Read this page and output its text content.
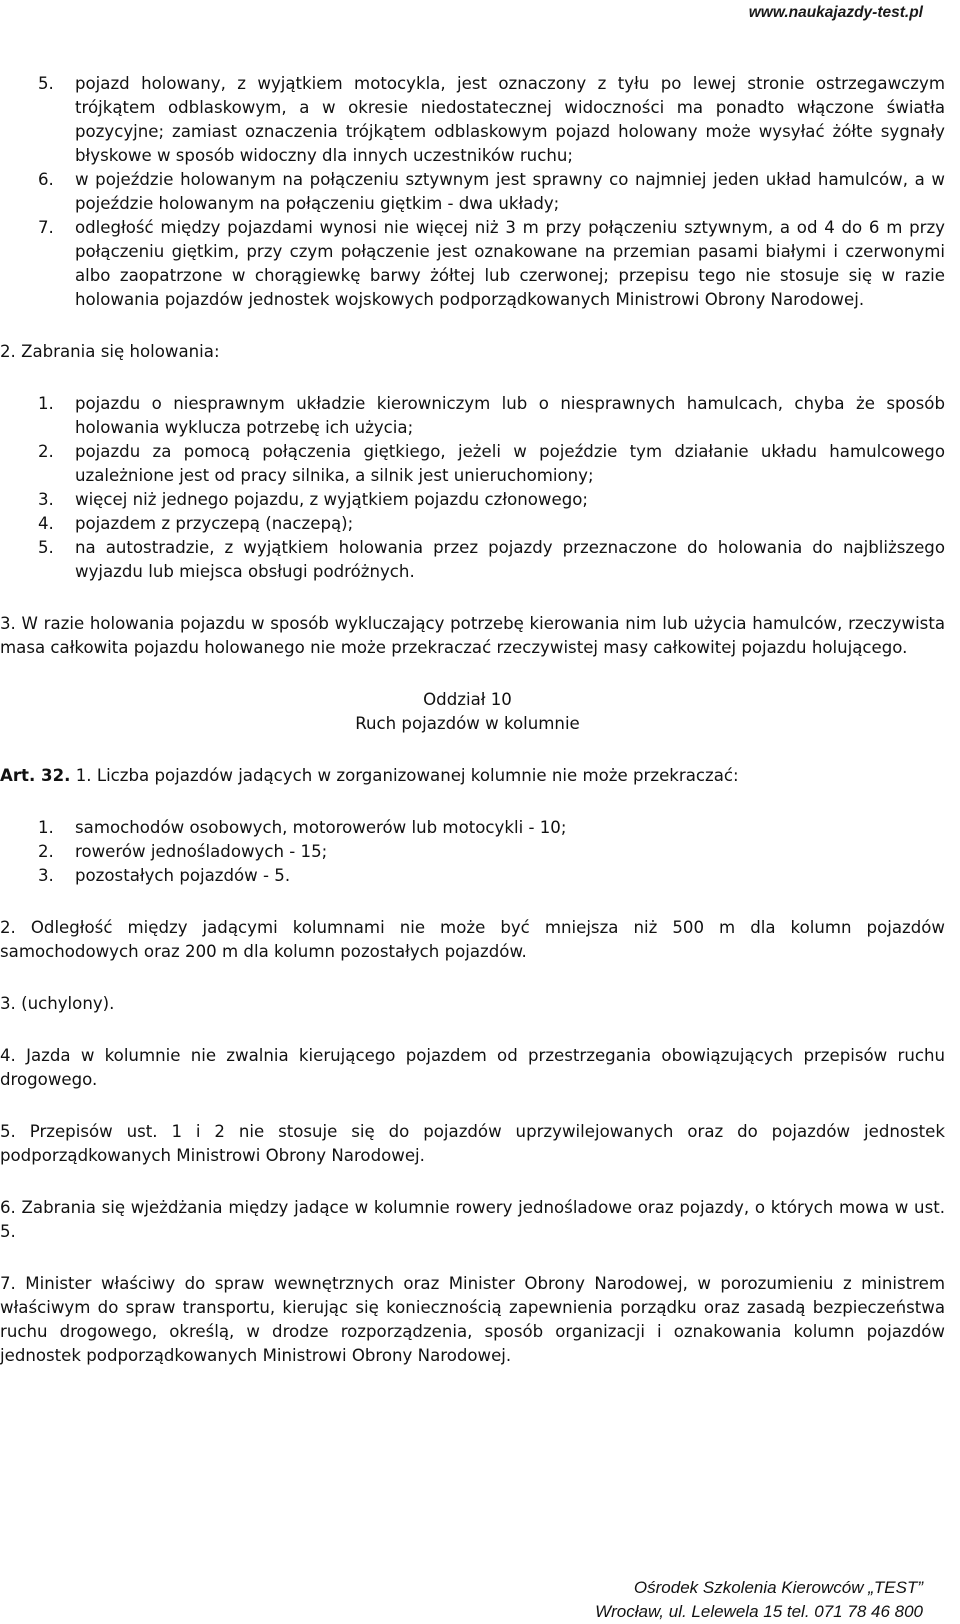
www.naukajazdy-test.pl
5. pojazd holowany, z wyjątkiem motocykla, jest oznaczony z tyłu po lewej stronie ostrzegawczym trójkątem odblaskowym, a w okresie niedostatecznej widoczności ma ponadto włączone światła pozycyjne; zamiast oznaczenia trójkątem odblaskowym pojazd holowany może wysyłać żółte sygnały błyskowe w sposób widoczny dla innych uczestników ruchu;
6. w pojeździe holowanym na połączeniu sztywnym jest sprawny co najmniej jeden układ hamulców, a w pojeździe holowanym na połączeniu giętkim - dwa układy;
7. odległość między pojazdami wynosi nie więcej niż 3 m przy połączeniu sztywnym, a od 4 do 6 m przy połączeniu giętkim, przy czym połączenie jest oznakowane na przemian pasami białymi i czerwonymi albo zaopatrzone w chorągiewkę barwy żółtej lub czerwonej; przepisu tego nie stosuje się w razie holowania pojazdów jednostek wojskowych podporządkowanych Ministrowi Obrony Narodowej.
2. Zabrania się holowania:
1. pojazdu o niesprawnym układzie kierowniczym lub o niesprawnych hamulcach, chyba że sposób holowania wyklucza potrzebę ich użycia;
2. pojazdu za pomocą połączenia giętkiego, jeżeli w pojeździe tym działanie układu hamulcowego uzależnione jest od pracy silnika, a silnik jest unieruchomiony;
3. więcej niż jednego pojazdu, z wyjątkiem pojazdu członowego;
4. pojazdem z przyczepą (naczepą);
5. na autostradzie, z wyjątkiem holowania przez pojazdy przeznaczone do holowania do najbliższego wyjazdu lub miejsca obsługi podróżnych.
3. W razie holowania pojazdu w sposób wykluczający potrzebę kierowania nim lub użycia hamulców, rzeczywista masa całkowita pojazdu holowanego nie może przekraczać rzeczywistej masy całkowitej pojazdu holującego.
Oddział 10
Ruch pojazdów w kolumnie
Art. 32. 1. Liczba pojazdów jadących w zorganizowanej kolumnie nie może przekraczać:
1. samochodów osobowych, motorowerów lub motocykli - 10;
2. rowerów jednośladowych - 15;
3. pozostałych pojazdów - 5.
2. Odległość między jadącymi kolumnami nie może być mniejsza niż 500 m dla kolumn pojazdów samochodowych oraz 200 m dla kolumn pozostałych pojazdów.
3. (uchylony).
4. Jazda w kolumnie nie zwalnia kierującego pojazdem od przestrzegania obowiązujących przepisów ruchu drogowego.
5. Przepisów ust. 1 i 2 nie stosuje się do pojazdów uprzywilejowanych oraz do pojazdów jednostek podporządkowanych Ministrowi Obrony Narodowej.
6. Zabrania się wjeżdżania między jadące w kolumnie rowery jednośladowe oraz pojazdy, o których mowa w ust. 5.
7. Minister właściwy do spraw wewnętrznych oraz Minister Obrony Narodowej, w porozumieniu z ministrem właściwym do spraw transportu, kierując się koniecznością zapewnienia porządku oraz zasadą bezpieczeństwa ruchu drogowego, określą, w drodze rozporządzenia, sposób organizacji i oznakowania kolumn pojazdów jednostek podporządkowanych Ministrowi Obrony Narodowej.
Ośrodek Szkolenia Kierowców „TEST”
Wrocław, ul. Lelewela 15 tel. 071 78 46 800
